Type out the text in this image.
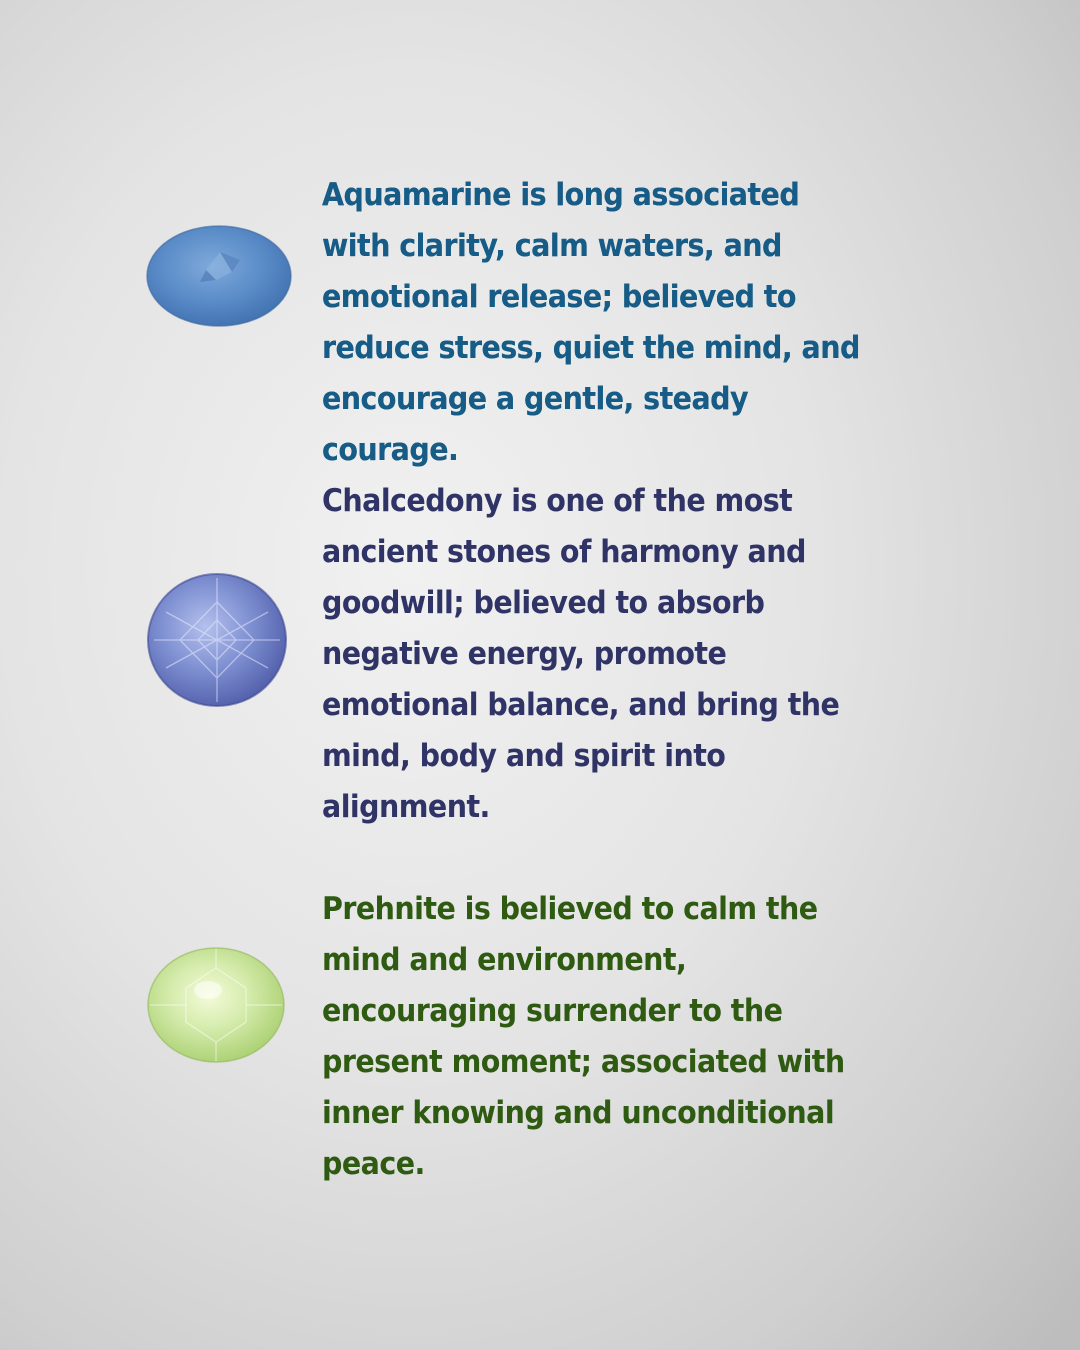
Aquamarine is long associated with clarity, calm waters, and emotional release; believed to reduce stress, quiet the mind, and encourage a gentle, steady courage.

Chalcedony is one of the most ancient stones of harmony and goodwill; believed to absorb negative energy, promote emotional balance, and bring the mind, body and spirit into alignment.

Prehnite is believed to calm the mind and environment, encouraging surrender to the present moment; associated with inner knowing and unconditional peace.
